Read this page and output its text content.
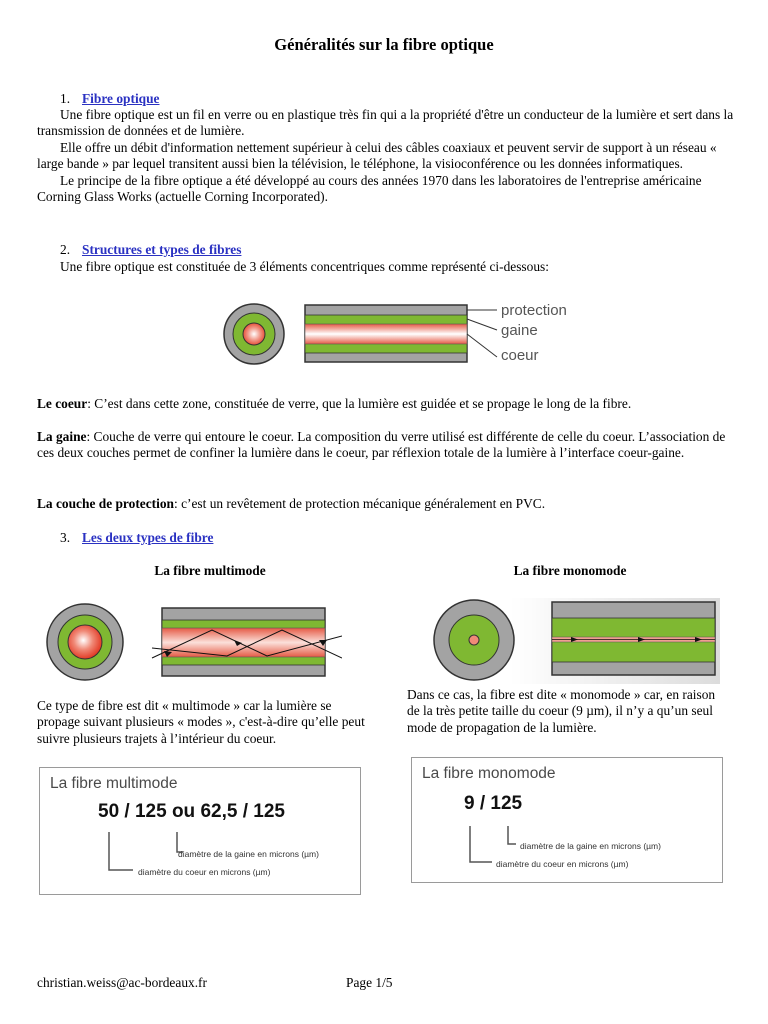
Généralités sur la fibre optique
1. Fibre optique

Une fibre optique est un fil en verre ou en plastique très fin qui a la propriété d'être un conducteur de la lumière et sert dans la transmission de données et de lumière.

Elle offre un débit d'information nettement supérieur à celui des câbles coaxiaux et peuvent servir de support à un réseau « large bande » par lequel transitent aussi bien la télévision, le téléphone, la visioconférence ou les données informatiques.

Le principe de la fibre optique a été développé au cours des années 1970 dans les laboratoires de l'entreprise américaine Corning Glass Works (actuelle Corning Incorporated).

2. Structures et types de fibres

Une fibre optique est constituée de 3 éléments concentriques comme représenté ci-dessous:

protection
gaine
coeur
Le coeur: C’est dans cette zone, constituée de verre, que la lumière est guidée et se propage le long de la fibre.
La gaine: Couche de verre qui entoure le coeur. La composition du verre utilisé est différente de celle du coeur. L’association de ces deux couches permet de confiner la lumière dans le coeur, par réflexion totale de la lumière à l’interface coeur-gaine.
La couche de protection: c’est un revêtement de protection mécanique généralement en PVC.
3. Les deux types de fibre
La fibre multimode	La fibre monomode
Ce type de fibre est dit « multimode » car la lumière se propage suivant plusieurs « modes », c'est-à-dire qu’elle peut suivre plusieurs trajets à l’intérieur du coeur.
Dans ce cas, la fibre est dite « monomode » car, en raison de la très petite taille du coeur (9 µm), il n’y a qu’un seul mode de propagation de la lumière.
La fibre multimode
50 / 125 ou 62,5 / 125
diamètre de la gaine en microns (µm)
diamètre du coeur en microns (µm)
La fibre monomode
9 / 125
diamètre de la gaine en microns (µm)
diamètre du coeur en microns (µm)
christian.weiss@ac-bordeaux.fr	Page 1/5
